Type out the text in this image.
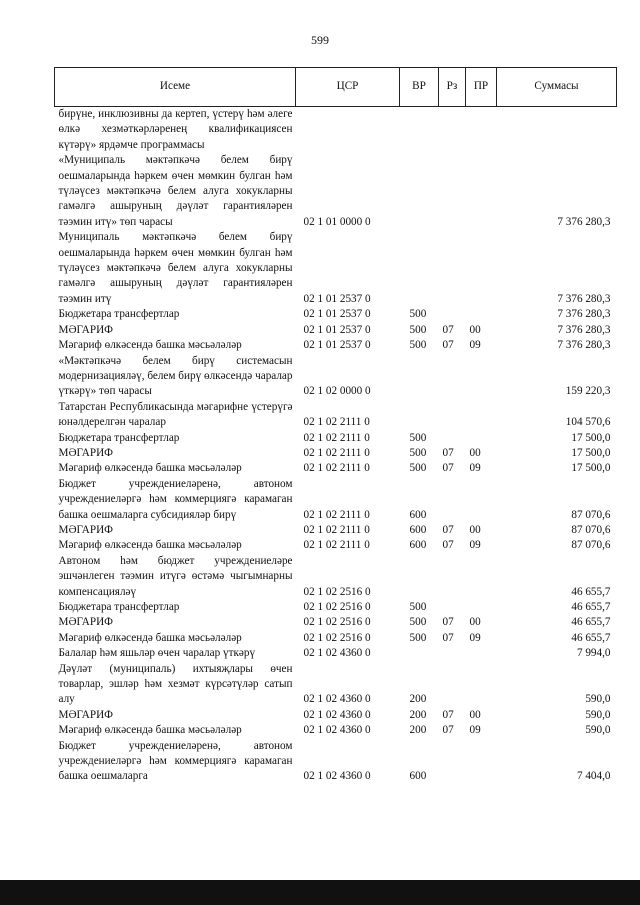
599
Исеме	ЦСР	ВР	Рз	ПР	Суммасы
бирүне, инклюзивны да кертеп, үстерү һәм әлеге өлкә хезмәткәрләренең квалификациясен күтәрү» ярдәмче программасы					
«Муниципаль мәктәпкәчә белем бирү оешмаларында һәркем өчен мөмкин булган һәм түләүсез мәктәпкәчә белем алуга хокукларны гамәлгә ашыруның дәүләт гарантияләрен тәэмин итү» төп чарасы	02 1 01 0000 0				7 376 280,3
Муниципаль мәктәпкәчә белем бирү оешмаларында һәркем өчен мөмкин булган һәм түләүсез мәктәпкәчә белем алуга хокукларны гамәлгә ашыруның дәүләт гарантияләрен тәэмин итү	02 1 01 2537 0				7 376 280,3
Бюджетара трансфертлар	02 1 01 2537 0	500			7 376 280,3
МӘГАРИФ	02 1 01 2537 0	500	07	00	7 376 280,3
Мәгариф өлкәсендә башка мәсьәләләр	02 1 01 2537 0	500	07	09	7 376 280,3
«Мәктәпкәчә белем бирү системасын модернизацияләү, белем бирү өлкәсендә чаралар үткәрү» төп чарасы	02 1 02 0000 0				159 220,3
Татарстан Республикасында мәгарифне үстерүгә юнәлдерелгән чаралар	02 1 02 2111 0				104 570,6
Бюджетара трансфертлар	02 1 02 2111 0	500			17 500,0
МӘГАРИФ	02 1 02 2111 0	500	07	00	17 500,0
Мәгариф өлкәсендә башка мәсьәләләр	02 1 02 2111 0	500	07	09	17 500,0
Бюджет учреждениеләренә, автоном учреждениеләргә һәм коммерциягә карамаган башка оешмаларга субсидияләр бирү	02 1 02 2111 0	600			87 070,6
МӘГАРИФ	02 1 02 2111 0	600	07	00	87 070,6
Мәгариф өлкәсендә башка мәсьәләләр	02 1 02 2111 0	600	07	09	87 070,6
Автоном һәм бюджет учреждениеләре эшчәнлеген тәэмин итүгә өстәмә чыгымнарны компенсацияләү	02 1 02 2516 0				46 655,7
Бюджетара трансфертлар	02 1 02 2516 0	500			46 655,7
МӘГАРИФ	02 1 02 2516 0	500	07	00	46 655,7
Мәгариф өлкәсендә башка мәсьәләләр	02 1 02 2516 0	500	07	09	46 655,7
Балалар һәм яшьләр өчен чаралар үткәрү	02 1 02 4360 0				7 994,0
Дәүләт (муниципаль) ихтыяҗлары өчен товарлар, эшләр һәм хезмәт күрсәтүләр сатып алу	02 1 02 4360 0	200			590,0
МӘГАРИФ	02 1 02 4360 0	200	07	00	590,0
Мәгариф өлкәсендә башка мәсьәләләр	02 1 02 4360 0	200	07	09	590,0
Бюджет учреждениеләренә, автоном учреждениеләргә һәм коммерциягә карамаган башка оешмаларга	02 1 02 4360 0	600			7 404,0
